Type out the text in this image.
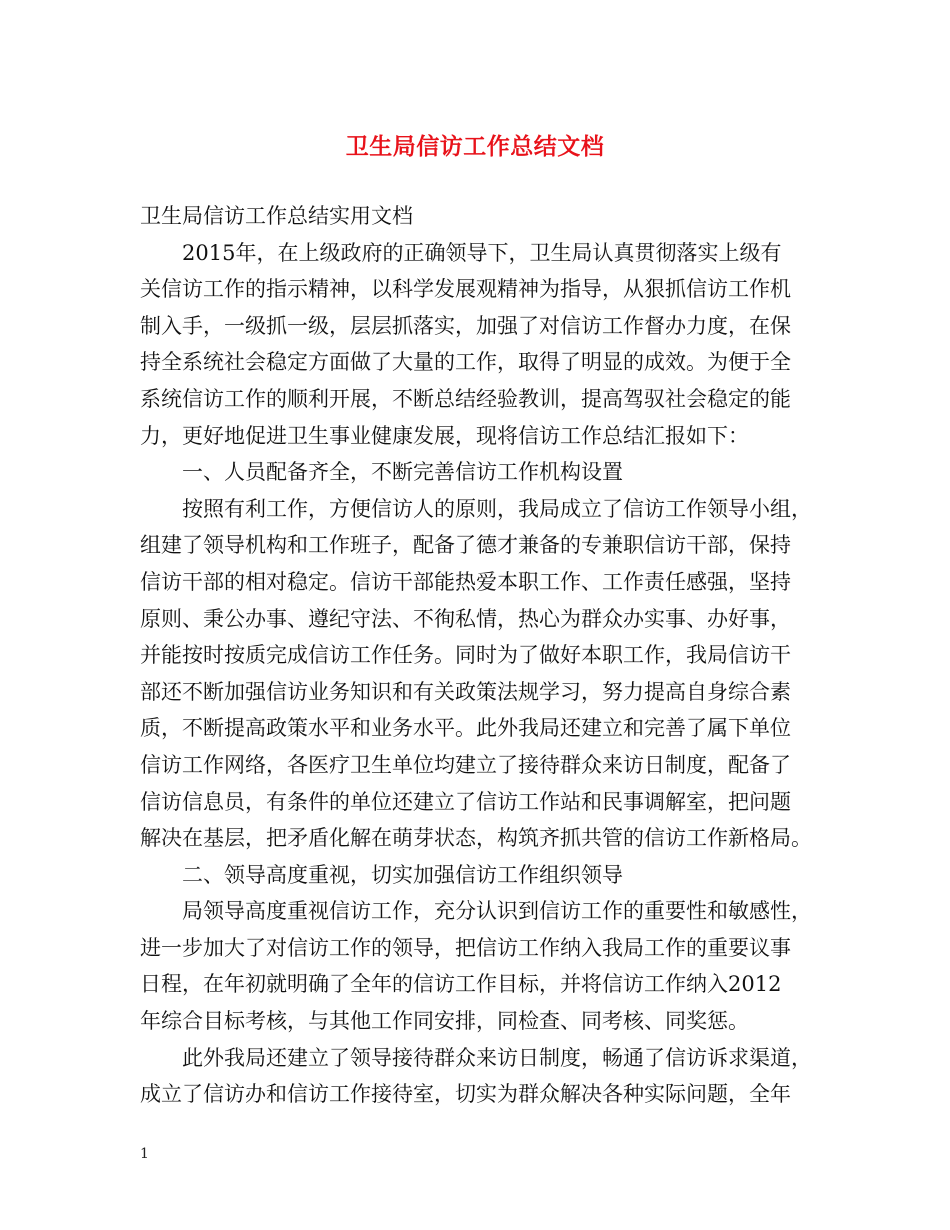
卫生局信访工作总结文档
卫生局信访工作总结实用文档
2015年，在上级政府的正确领导下，卫生局认真贯彻落实上级有
关信访工作的指示精神，以科学发展观精神为指导，从狠抓信访工作机
制入手，一级抓一级，层层抓落实，加强了对信访工作督办力度，在保
持全系统社会稳定方面做了大量的工作，取得了明显的成效。为便于全
系统信访工作的顺利开展，不断总结经验教训，提高驾驭社会稳定的能
力，更好地促进卫生事业健康发展，现将信访工作总结汇报如下：
一、人员配备齐全，不断完善信访工作机构设置
按照有利工作，方便信访人的原则，我局成立了信访工作领导小组，
组建了领导机构和工作班子，配备了德才兼备的专兼职信访干部，保持
信访干部的相对稳定。信访干部能热爱本职工作、工作责任感强，坚持
原则、秉公办事、遵纪守法、不徇私情，热心为群众办实事、办好事，
并能按时按质完成信访工作任务。同时为了做好本职工作，我局信访干
部还不断加强信访业务知识和有关政策法规学习，努力提高自身综合素
质，不断提高政策水平和业务水平。此外我局还建立和完善了属下单位
信访工作网络，各医疗卫生单位均建立了接待群众来访日制度，配备了
信访信息员，有条件的单位还建立了信访工作站和民事调解室，把问题
解决在基层，把矛盾化解在萌芽状态，构筑齐抓共管的信访工作新格局。
二、领导高度重视，切实加强信访工作组织领导
局领导高度重视信访工作，充分认识到信访工作的重要性和敏感性，
进一步加大了对信访工作的领导，把信访工作纳入我局工作的重要议事
日程，在年初就明确了全年的信访工作目标，并将信访工作纳入2012
年综合目标考核，与其他工作同安排，同检查、同考核、同奖惩。
此外我局还建立了领导接待群众来访日制度，畅通了信访诉求渠道，
成立了信访办和信访工作接待室，切实为群众解决各种实际问题，全年
1
